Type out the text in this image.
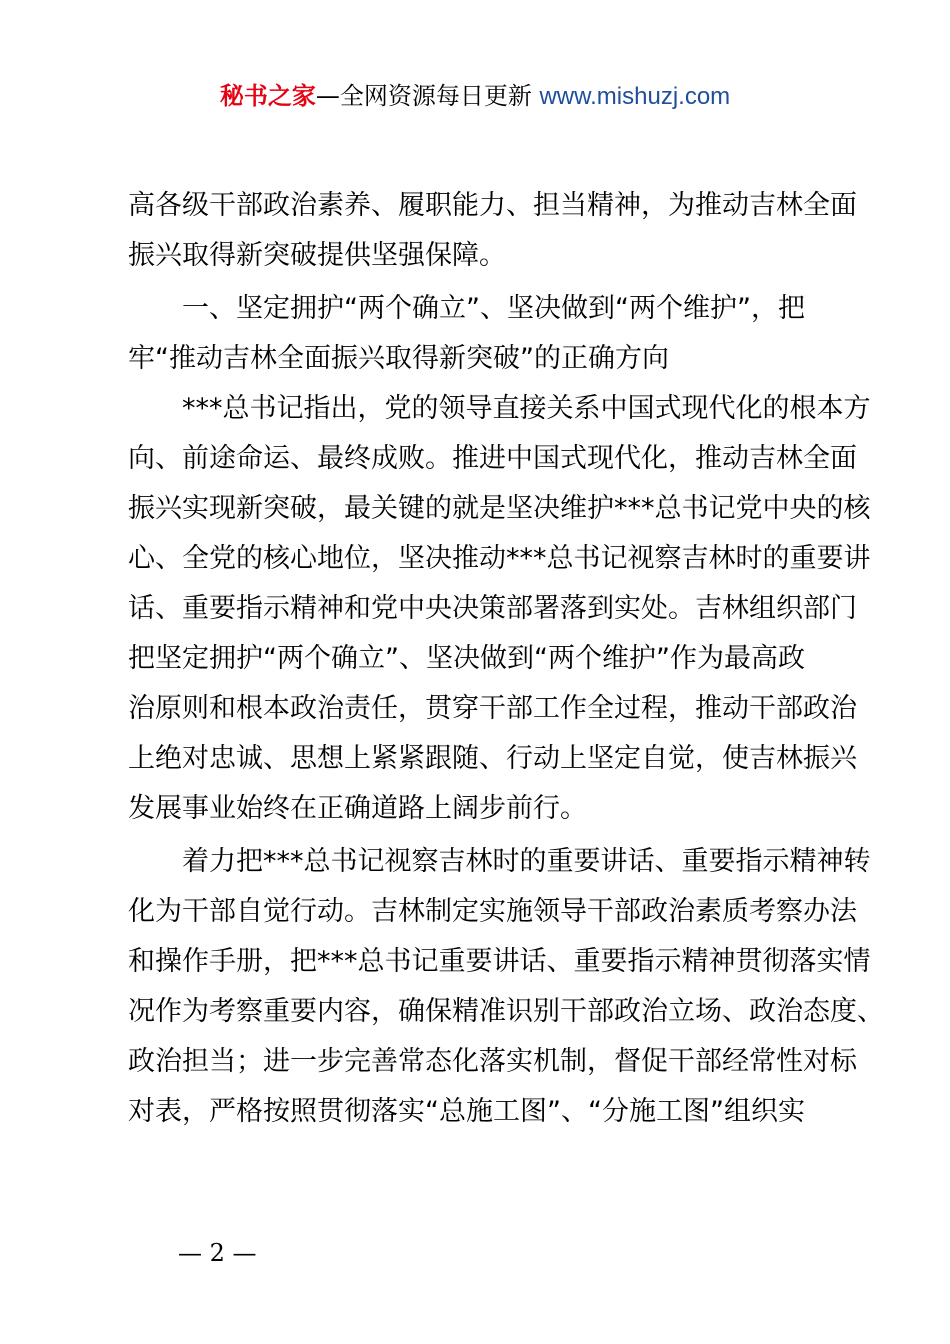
秘书之家—全网资源每日更新 www.mishuzj.com
高各级干部政治素养、履职能力、担当精神，为推动吉林全面
振兴取得新突破提供坚强保障。
一、坚定拥护“两个确立”、坚决做到“两个维护”，把
牢“推动吉林全面振兴取得新突破”的正确方向
***总书记指出，党的领导直接关系中国式现代化的根本方
向、前途命运、最终成败。推进中国式现代化，推动吉林全面
振兴实现新突破，最关键的就是坚决维护***总书记党中央的核
心、全党的核心地位，坚决推动***总书记视察吉林时的重要讲
话、重要指示精神和党中央决策部署落到实处。吉林组织部门
把坚定拥护“两个确立”、坚决做到“两个维护”作为最高政
治原则和根本政治责任，贯穿干部工作全过程，推动干部政治
上绝对忠诚、思想上紧紧跟随、行动上坚定自觉，使吉林振兴
发展事业始终在正确道路上阔步前行。
着力把***总书记视察吉林时的重要讲话、重要指示精神转
化为干部自觉行动。吉林制定实施领导干部政治素质考察办法
和操作手册，把***总书记重要讲话、重要指示精神贯彻落实情
况作为考察重要内容，确保精准识别干部政治立场、政治态度、
政治担当；进一步完善常态化落实机制，督促干部经常性对标
对表，严格按照贯彻落实“总施工图”、“分施工图”组织实
— 2 —
